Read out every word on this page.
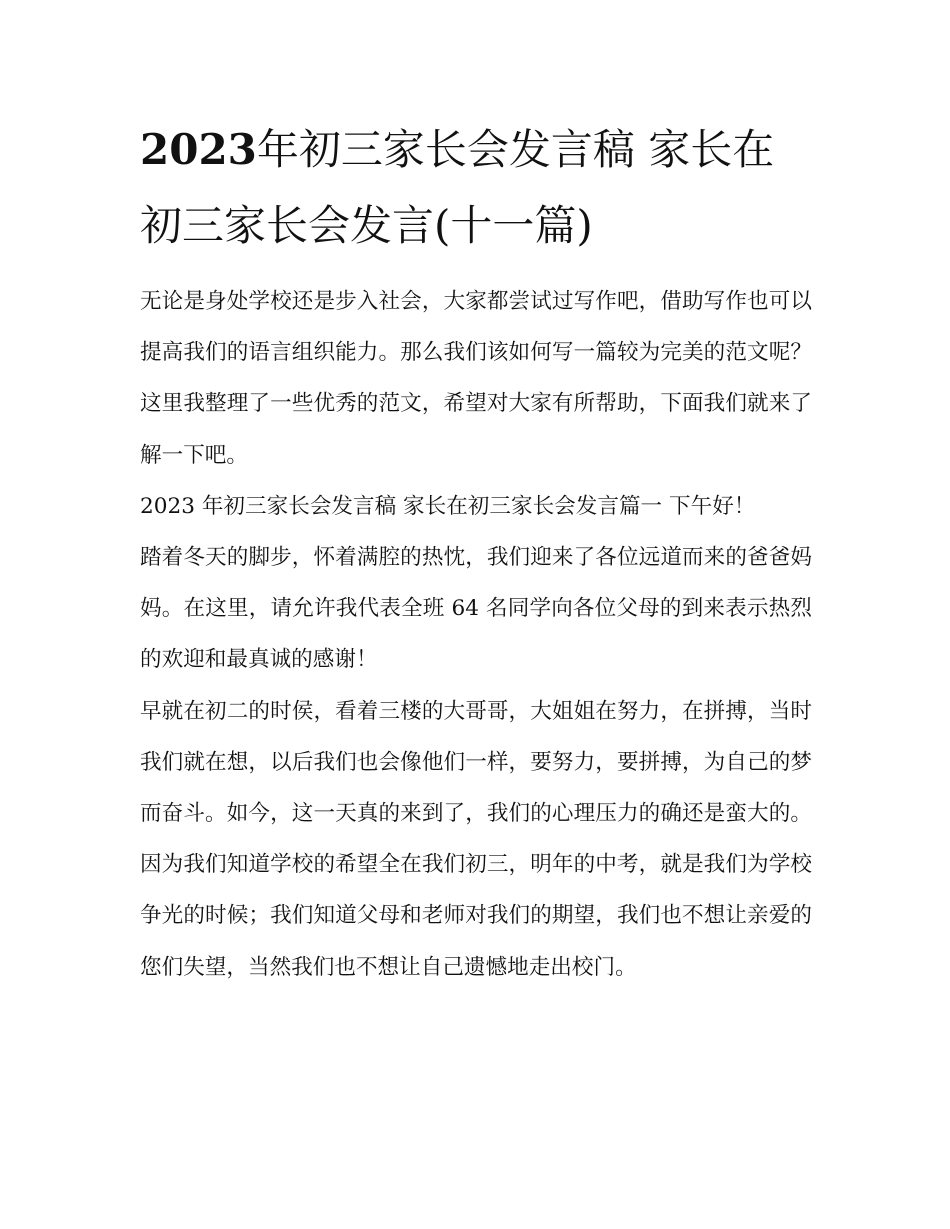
2023年初三家长会发言稿 家长在初三家长会发言(十一篇)

无论是身处学校还是步入社会，大家都尝试过写作吧，借助写作也可以提高我们的语言组织能力。那么我们该如何写一篇较为完美的范文呢？这里我整理了一些优秀的范文，希望对大家有所帮助，下面我们就来了解一下吧。

2023 年初三家长会发言稿 家长在初三家长会发言篇一 下午好！

踏着冬天的脚步，怀着满腔的热忱，我们迎来了各位远道而来的爸爸妈妈。在这里，请允许我代表全班 64 名同学向各位父母的到来表示热烈的欢迎和最真诚的感谢！

早就在初二的时侯，看着三楼的大哥哥，大姐姐在努力，在拼搏，当时我们就在想，以后我们也会像他们一样，要努力，要拼搏，为自己的梦而奋斗。如今，这一天真的来到了，我们的心理压力的确还是蛮大的。因为我们知道学校的希望全在我们初三，明年的中考，就是我们为学校争光的时候；我们知道父母和老师对我们的期望，我们也不想让亲爱的您们失望，当然我们也不想让自己遗憾地走出校门。
